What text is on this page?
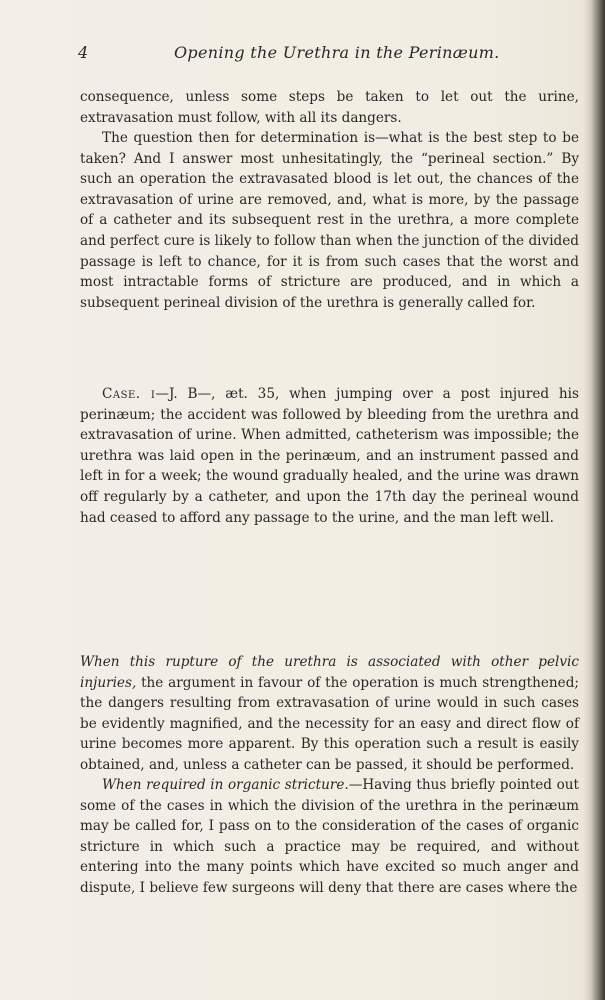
4	Opening the Urethra in the Perinæum.

consequence, unless some steps be taken to let out the urine, extravasation must follow, with all its dangers.

The question then for determination is—what is the best step to be taken? And I answer most unhesitatingly, the “perineal section.” By such an operation the extravasated blood is let out, the chances of the extravasation of urine are removed, and, what is more, by the passage of a catheter and its subsequent rest in the urethra, a more complete and perfect cure is likely to follow than when the junction of the divided passage is left to chance, for it is from such cases that the worst and most intractable forms of stricture are produced, and in which a subsequent perineal division of the urethra is generally called for.

Case. i—J. B—, æt. 35, when jumping over a post injured his perinæum; the accident was followed by bleeding from the urethra and extravasation of urine. When admitted, catheterism was impossible; the urethra was laid open in the perinæum, and an instrument passed and left in for a week; the wound gradually healed, and the urine was drawn off regularly by a catheter, and upon the 17th day the perineal wound had ceased to afford any passage to the urine, and the man left well.

When this rupture of the urethra is associated with other pelvic injuries, the argument in favour of the operation is much strengthened; the dangers resulting from extravasation of urine would in such cases be evidently magnified, and the necessity for an easy and direct flow of urine becomes more apparent. By this operation such a result is easily obtained, and, unless a catheter can be passed, it should be performed.

When required in organic stricture.—Having thus briefly pointed out some of the cases in which the division of the urethra in the perinæum may be called for, I pass on to the consideration of the cases of organic stricture in which such a practice may be required, and without entering into the many points which have excited so much anger and dispute, I believe few surgeons will deny that there are cases where the
